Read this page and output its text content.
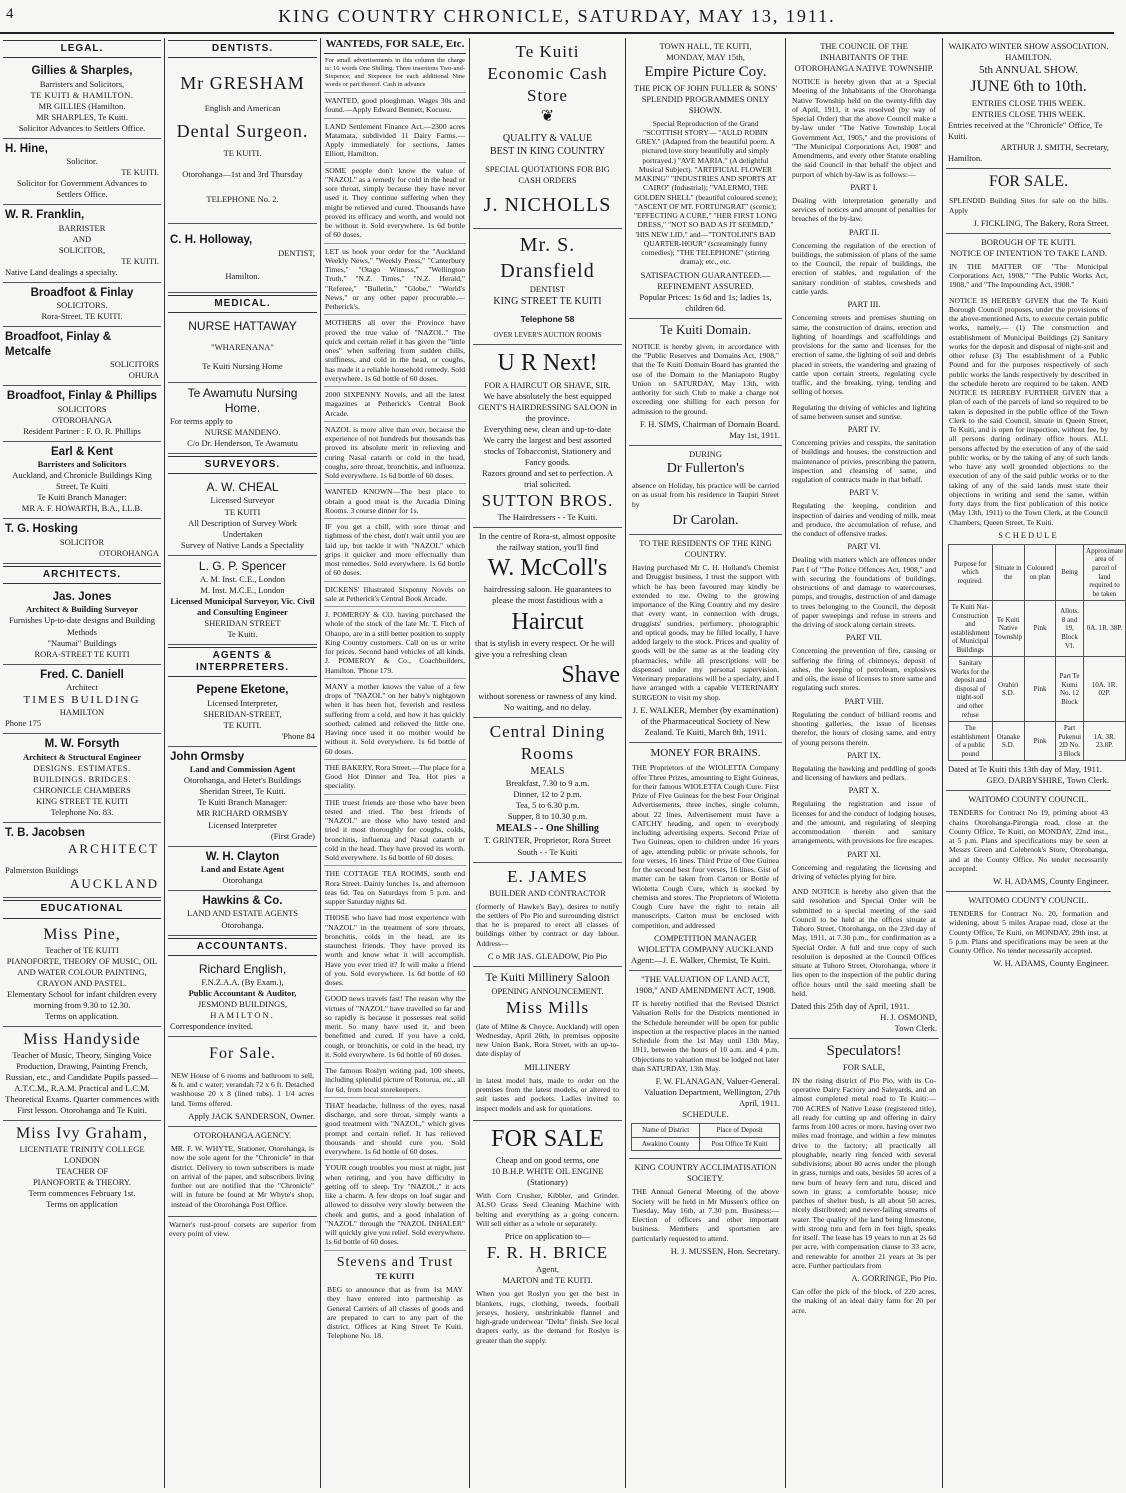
4	KING COUNTRY CHRONICLE, SATURDAY, MAY 13, 1911.
LEGAL.
Gillies & Sharples,
Barristers and Solicitors,
TE KUITI & HAMILTON.
MR GILLIES (Hamilton.
MR SHARPLES, Te Kuiti.
Solicitor Advances to Settlers Office.
H. Hine,
Solicitor.
TE KUITI.
Solicitor for Government Advances to Settlers Office.
W. R. Franklin,
BARRISTER
AND
SOLICITOR,
TE KUITI.
Native Land dealings a specialty.
Broadfoot & Finlay
SOLICITORS.
Rora-Street. TE KUITI.
Broadfoot, Finlay & Metcalfe
SOLICITORS
OHURA
Broadfoot, Finlay & Phillips
SOLICITORS
OTOROHANGA
Resident Partner : F. O. R. Phillips
Earl & Kent
Barristers and Solicitors
Auckland, and Chronicle Buildings King Street, Te Kuiti
Te Kuiti Branch Manager:
MR A. F. HOWARTH, B.A., LL.B.
T. G. Hosking
SOLICITOR
OTOROHANGA
ARCHITECTS.
Jas. Jones
Architect & Building Surveyor
Furnishes Up-to-date designs and Building Methods
"Naumai" Buildings
RORA-STREET TE KUITI
Fred. C. Daniell
Architect
TIMES BUILDING
HAMILTON
Phone 175
M. W. Forsyth
Architect & Structural Engineer
DESIGNS. ESTIMATES.
BUILDINGS. BRIDGES.
CHRONICLE CHAMBERS
KING STREET TE KUITI
Telephone No. 83.
T. B. Jacobsen
ARCHITECT
Palmerston Buildings
AUCKLAND
EDUCATIONAL
Miss Pine,
Teacher of TE KUITI
PIANOFORTE, THEORY OF MUSIC, OIL AND WATER COLOUR PAINTING, CRAYON AND PASTEL.
Elementary School for infant children every morning from 9.30 to 12.30.
Terms on application.
Miss Handyside
Teacher of Music, Theory, Singing Voice Production, Drawing, Painting French, Russian, etc., and Candidate Pupils passed—A.T.C.M., R.A.M. Practical and L.C.M. Theoretical Exams. Quarter commences with First lesson. Otorohanga and Te Kuiti.
Miss Ivy Graham,
LICENTIATE TRINITY COLLEGE LONDON
TEACHER OF
PIANOFORTE & THEORY.
Term commences February 1st.
Terms on application
DENTISTS.
Mr GRESHAM
English and American
Dental Surgeon.
TE KUITI.
Otorohanga—1st and 3rd Thursday
TELEPHONE No. 2.
C. H. Holloway,
DENTIST,
Hamilton.
MEDICAL.
NURSE HATTAWAY
"WHARENANA"
Te Kuiti Nursing Home
Te Awamutu Nursing Home.
For terms apply to
NURSE MANDENO.
C/o Dr. Henderson, Te Awamutu
SURVEYORS.
A. W. CHEAL
Licensed Surveyor
TE KUITI
All Description of Survey Work Undertaken
Survey of Native Lands a Speciality
L. G. P. Spencer
A. M. Inst. C.E., London
M. Inst. M.C.E., London
Licensed Municipal Surveyor, Vic. Civil and Consulting Engineer
SHERIDAN STREET
Te Kuiti.
AGENTS & INTERPRETERS.
Pepene Eketone,
Licensed Interpreter,
SHERIDAN-STREET,
TE KUITI.
'Phone 84
John Ormsby
Land and Commission Agent
Otorohanga, and Hetet's Buildings Sheridan Street, Te Kuiti.
Te Kuiti Branch Manager:
MR RICHARD ORMSBY
Licensed Interpreter
(First Grade)
W. H. Clayton
Land and Estate Agent
Otorohanga
Hawkins & Co.
LAND AND ESTATE AGENTS
Otorohanga.
ACCOUNTANTS.
Richard English,
F.N.Z.A.A. (By Exam.),
Public Accountant & Auditor,
JESMOND BUILDINGS,
HAMILTON.
Correspondence invited.
For Sale.
NEW House of 6 rooms and bathroom to sell, & h. and c water; verandah 72 x 6 ft. Detached washhouse 20 x 8 (lined tubs). 1 1/4 acres land. Terms offered.
Apply JACK SANDERSON, Owner.
OTOROHANGA AGENCY.
MR. F. W. WHYTE, Stationer, Otorohanga, is now the sole agent for the "Chronicle" in that district. Delivery to town subscribers is made on arrival of the paper, and subscribers living further out are notified that the "Chronicle" will in future be found at Mr Whyte's shop, instead of the Otorohanga Post Office.
Warner's rust-proof corsets are superior from every point of view.
WANTEDS, FOR SALE, Etc.
For small advertisements in this column the charge is: 16 words One Shilling. Three insertions Two-and-Sixpence; and Sixpence for each additional Nine words or part thereof. Cash in advance
WANTED, good ploughman. Wages 30s and found.—Apply Edward Bennett, Kocueu.
LAND Settlement Finance Act.—2300 acres Matamata, subdivided 11 Dairy Farms.—Apply immediately for sections, James Elliott, Hamilton.
SOME people don't know the value of "NAZOL" as a remedy for cold in the head or sore throat, simply because they have never used it. They continue suffering when they might be relieved and cured. Thousands have proved its efficacy and worth, and would not be without it. Sold everywhere. 1s 6d bottle of 60 doses.
LET us book your order for the "Auckland Weekly News," "Weekly Press," "Canterbury Times," "Otago Witness," "Wellington Truth," "N.Z. Times," "N.Z. Herald," "Referee," "Bulletin," "Globe," "World's News," or any other paper procurable.—Petherick's.
MOTHERS all over the Province have proved the true value of "NAZOL." The quick and certain relief it has given the "little ones" when suffering from sudden chills, stuffiness, and cold in the head, or coughs, has made it a reliable household remedy. Sold everywhere. 1s 6d bottle of 60 doses.
2000 SIXPENNY Novels, and all the latest magazines at Petherick's Central Book Arcade.
NAZOL is more alive than ever, because the experience of not hundreds but thousands has proved its absolute merit in relieving and curing Nasal catarrh or cold in the head, coughs, sore throat, bronchitis, and influenza. Sold everywhere. 1s 6d bottle of 60 doses.
WANTED KNOWN—The best place to obtain a good meal is the Arcadia Dining Rooms. 3 course dinner for 1s.
IF you get a chill, with sore throat and tightness of the chest, don't wait until you are laid up, but tackle it with "NAZOL" which grips it quicker and more effectually than most remedies. Sold everywhere. 1s 6d bottle of 60 doses.
DICKENS' Illustrated Sixpenny Novels on sale at Petherick's Central Book Arcade.
J. POMEROY & CO. having purchased the whole of the stock of the late Mr. T. Fitch of Ohaupo, are in a still better position to supply King Country customers. Call on us or write for prices. Second hand vehicles of all kinds. J. POMEROY & Co., Coachbuilders, Hamilton. 'Phone 179.
MANY a mother knows the value of a few drops of "NAZOL" on her baby's nightgown when it has been hot, feverish and restless suffering from a cold, and how it has quickly soothed, calmed and relieved the little one. Having once used it no mother would be without it. Sold everywhere. 1s 6d bottle of 60 doses.
THE BAKERY, Rora Street.—The place for a Good Hot Dinner and Tea. Hot pies a speciality.
THE truest friends are those who have been tested and tried. The best friends of "NAZOL" are those who have tested and tried it most thoroughly for coughs, colds, bronchitis, influenza and Nasal catarrh or cold in the head. They have proved its worth. Sold everywhere. 1s 6d bottle of 60 doses.
THE COTTAGE TEA ROOMS, south end Rora Street. Dainty lunches 1s, and afternoon teas 6d. Tea on Saturdays from 5 p.m. and supper Saturday nights 6d.
THOSE who have had most experience with "NAZOL" in the treatment of sore throats, bronchitis, colds in the head, are its staunchest friends. They have proved its worth and know what it will accomplish. Have you ever tried it? It will make a friend of you. Sold everywhere. 1s 6d bottle of 60 doses.
GOOD news travels fast! The reason why the virtues of "NAZOL" have travelled so far and so rapidly is because it possesses real solid merit. So many have used it, and been benefitted and cured. If you have a cold, cough, or bronchitis, or cold in the head, try it. Sold everywhere. 1s 6d bottle of 60 doses.
The famous Roslyn writing pad, 100 sheets, including splendid picture of Rotorua, etc., all for 6d, from local storekeepers.
THAT headache, fullness of the eyes, nasal discharge, and sore throat, simply wants a good treatment with "NAZOL," which gives prompt and certain relief. It has relieved thousands and should cure you. Sold everywhere. 1s 6d bottle of 60 doses.
YOUR cough troubles you most at night, just when retiring, and you have difficulty in getting off to sleep. Try "NAZOL," it acts like a charm. A few drops on loaf sugar and allowed to dissolve very slowly between the cheek and gums, and a good inhalation of "NAZOL" through the "NAZOL INHALER" will quickly give you relief. Sold everywhere. 1s 6d bottle of 60 doses.
Stevens and Trust
TE KUITI
BEG to announce that as from 1st MAY they have entered into partnership as General Carriers of all classes of goods and are prepared to cart to any part of the district. Offices at King Street Te Kuiti. Telephone No. 18.
Te Kuiti
Economic Cash Store
❦
QUALITY & VALUE
BEST IN KING COUNTRY
SPECIAL QUOTATIONS FOR BIG CASH ORDERS
J. NICHOLLS
Mr. S. Dransfield
DENTIST
KING STREET TE KUITI
Telephone 58
OVER LEVER'S AUCTION ROOMS
U R Next!
FOR A HAIRCUT OR SHAVE, SIR.
We have absolutely the best equipped GENT'S HAIRDRESSING SALOON in the province.
Everything new, clean and up-to-date
We carry the largest and best assorted stocks of Tobacconist, Stationery and Fancy goods.
Razors ground and set to perfection. A trial solicited.
SUTTON BROS.
The Hairdressers - - Te Kuiti.
In the centre of Rora-st, almost opposite the railway station, you'll find
W. McColl's
hairdressing saloon. He guarantees to please the most fastidious with a
Haircut
that is stylish in every respect. Or he will give you a refreshing clean
Shave
without soreness or rawness of any kind. No waiting, and no delay.
Central Dining Rooms
MEALS
Breakfast, 7.30 to 9 a.m.
Dinner, 12 to 2 p.m.
Tea, 5 to 6.30 p.m.
Supper, 8 to 10.30 p.m.
MEALS - - One Shilling
T. GRINTER, Proprietor, Rora Street South - - Te Kuiti
E. JAMES
BUILDER AND CONTRACTOR
(formerly of Hawke's Bay), desires to notify the settlers of Pio Pio and surrounding district that he is prepared to erect all classes of buildings either by contract or day labour. Address—
C o MR JAS. GLEADOW, Pio Pio
Te Kuiti Millinery Saloon
OPENING ANNOUNCEMENT.
Miss Mills
(late of Milne & Choyce, Auckland) will open Wednesday, April 26th, in premises opposite new Union Bank, Rora Street, with an up-to-date display of
MILLINERY
in latest model hats, made to order on the premises from the latest models, or altered to suit tastes and pockets. Ladies invited to inspect models and ask for quotations.
FOR SALE
Cheap and on good terms, one
10 B.H.P. WHITE OIL ENGINE
(Stationary)
With Corn Crusher, Kibbler, and Grinder. ALSO Grass Seed Cleaning Machine with belting and everything as a going concern. Will sell either as a whole or separately.
Price on application to—
F. R. H. BRICE
Agent,
MARTON and TE KUITI.
When you get Roslyn you get the best in blankets, rugs, clothing, tweeds, football jerseys, hosiery, unshrinkable flannel and high-grade underwear "Delta" finish. See local drapers early, as the demand for Roslyn is greater than the supply.
TOWN HALL, TE KUITI,
MONDAY, MAY 15th,
Empire Picture Coy.
THE PICK OF JOHN FULLER & SONS' SPLENDID PROGRAMMES ONLY SHOWN.
Special Reproduction of the Grand "SCOTTISH STORY— "AULD ROBIN GREY." (Adapted from the beautiful poem. A pictured love story beautifully and simply portrayed.) "AVE MARIA." (A delightful Musical Subject). "ARTIFICIAL FLOWER MAKING" "INDUSTRIES AND SPORTS AT CAIRO" (Industrial); "VALERMO, THE GOLDEN SHELL" (beautiful coloured scene); "ASCENT OF MT. FORTUNGRAT" (scenic); "EFFECTING A CURE," "HER FIRST LONG DRESS," "NOT SO BAD AS IT SEEMED," 'HIS NEW LID," and—"TONTOLINI'S BAD QUARTER-HOUR" (screamingly funny comedies); "THE TELEPHONE" (stirring drama); etc., etc.
SATISFACTION GUARANTEED.—REFINEMENT ASSURED.
Popular Prices: 1s 6d and 1s; ladies 1s, children 6d.
Te Kuiti Domain.
NOTICE is hereby given, in accordance with the "Public Reserves and Domains Act, 1908," that the Te Kuiti Domain Board has granted the use of the Domain to the Maniapoto Rugby Union on SATURDAY, May 13th, with authority for such Club to make a charge not exceeding one shilling for each person for admission to the ground.
F. H. SIMS, Chairman of Domain Board. May 1st, 1911.
DURING
Dr Fullerton's
absence on Holiday, his practice will be carried on as usual from his residence in Taupiri Street by
Dr Carolan.
TO THE RESIDENTS OF THE KING COUNTRY.
Having purchased Mr C. H. Holland's Chemist and Druggist business, I trust the support with which he has been favoured may kindly be extended to me. Owing to the growing importance of the King Country and my desire that every want, in connection with drugs, druggists' sundries, perfumery, photographic and optical goods, may be filled locally, I have added largely to the stock. Prices and quality of goods will be the same as at the leading city pharmacies, while all prescriptions will be dispensed under my personal supervision. Veterinary preparations will be a specialty, and I have arranged with a capable VETERINARY SURGEON to visit my shop.
J. E. WALKER, Member (by examination) of the Pharmaceutical Society of New Zealand. Te Kuiti, March 8th, 1911.
MONEY FOR BRAINS.
THE Proprietors of the WIOLETTA Company offer Three Prizes, amounting to Eight Guineas, for their famous WIOLETTA Cough Cure. First Prize of Five Guineas for the best Four Original Advertisements, three inches, single column, about 22 lines. Advertisement must have a CATCHY heading, and open to everybody including advertising experts. Second Prize of Two Guineas, open to children under 16 years of age, attending public or private schools, for four verses, 16 lines. Third Prize of One Guinea for the second best four verses, 16 lines. Gist of matter can be taken from Carton or Bottle of Wioletta Cough Cure, which is stocked by chemists and stores. The Proprietors of Wioletta Cough Cure have the right to retain all manuscripts. Carton must be enclosed with competition, and addressed
COMPETITION MANAGER
WIOLETTA COMPANY AUCKLAND
Agent:—J. E. Walker, Chemist, Te Kuiti.
"THE VALUATION OF LAND ACT, 1908," AND AMENDMENT ACT, 1908.
IT is hereby notified that the Revised District Valuation Rolls for the Districts mentioned in the Schedule hereunder will be open for public inspection at the respective places in the named Schedule from the 1st May until 13th May, 1911, between the hours of 10 a.m. and 4 p.m. Objections to valuation must be lodged not later than SATURDAY, 13th May.
F. W. FLANAGAN, Valuer-General. Valuation Department, Wellington, 27th April, 1911.
SCHEDULE.
Name of District	Place of Deposit
Awakino County	Post Office Te Kuiti
KING COUNTRY ACCLIMATISATION SOCIETY.
THE Annual General Meeting of the above Society will be held in Mr Mussen's office on Tuesday, May 16th, at 7.30 p.m. Business:—Election of officers and other important business. Members and sportsmen are particularly requested to attend.
H. J. MUSSEN, Hon. Secretary.
THE COUNCIL OF THE INHABITANTS OF THE OTOROHANGA NATIVE TOWNSHIP.
NOTICE is hereby given that at a Special Meeting of the Inhabitants of the Otorohanga Native Township held on the twenty-fifth day of April, 1911, it was resolved (by way of Special Order) that the above Council make a by-law under "The Native Township Local Government Act, 1905," and the provisions of "The Municipal Corporations Act, 1908" and Amendments, and every other Statute enabling the said Council in that behalf the object and purport of which by-law is as follows:—
PART I.
Dealing with interpretation generally and services of notices and amount of penalties for breaches of the by-law.
PART II.
Concerning the regulation of the erection of buildings, the submission of plans of the same to the Council, the repair of buildings, the erection of stables, and regulation of the sanitary condition of stables, cowsheds and cattle yards.
PART III.
Concerning streets and premises shutting on same, the construction of drains, erection and lighting of hoardings and scaffoldings and provisions for the same and licenses for the erection of same, the lighting of soil and debris placed in streets, the wandering and grazing of cattle upon certain streets, regulating cycle traffic, and the breaking, tying, tending and selling of horses.
Regulating the driving of vehicles and lighting of same between sunset and sunrise.
PART IV.
Concerning privies and cesspits, the sanitation of buildings and houses, the construction and maintenance of privies, prescribing the pattern, inspection and cleansing of same, and regulation of contracts made in that behalf.
PART V.
Regulating the keeping, condition and inspection of dairies and vending of milk, meat and produce, the accumulation of refuse, and the conduct of offensive trades.
PART VI.
Dealing with matters which are offences under Part I of "The Police Offences Act, 1908," and with securing the foundations of buildings, obstructions of and damage to watercourses, pumps, and troughs, destruction of and damage to trees belonging to the Council, the deposit of paper sweepings and refuse in streets and the driving of stock along certain streets.
PART VII.
Concerning the prevention of fire, causing or suffering the firing of chimneys, deposit of ashes, the keeping of petroleum, explosives and oils, the issue of licenses to store same and regulating such stores.
PART VIII.
Regulating the conduct of billiard rooms and shooting galleries, the issue of licenses therefor, the hours of closing same, and entry of young persons therein.
PART IX.
Regulating the hawking and peddling of goods and licensing of hawkers and pedlars.
PART X.
Regulating the registration and issue of licenses for and the conduct of lodging houses, and the amount, and regulating of sleeping accommodation therein and sanitary arrangements, with provisions for fire escapes.
PART XI.
Concerning and regulating the licensing and driving of vehicles plying for hire.
AND NOTICE is hereby also given that the said resolution and Special Order will be submitted to a special meeting of the said Council to be held at the offices situate at Tuhoro Street, Otorohanga, on the 23rd day of May, 1911, at 7.30 p.m., for confirmation as a Special Order. A full and true copy of such resolution is deposited at the Council Offices situate at Tuhoro Street, Otorohanga, where it lies open to the inspection of the public during office hours until the said meeting shall be held.
Dated this 25th day of April, 1911.
H. J. OSMOND,
Town Clerk.
Speculators!
FOR SALE,
IN the rising district of Pio Pio, with its Co-operative Dairy Factory and Saleyards, and an almost completed metal road to Te Kuiti:— 700 ACRES of Native Lease (registered title), all ready for cutting up and offering in dairy farms from 100 acres or more, having over two miles road frontage, and within a few minutes drive to the factory; all practically all ploughable, nearly ring fenced with several subdivisions; about 80 acres under the plough in grass, turnips and oats, besides 50 acres of a new burn of heavy fern and tutu, disced and sown in grass; a comfortable house; nice patches of shelter bush, is all about 50 acres, nicely distributed; and never-failing streams of water. The quality of the land being limestone, with strong tutu and fern in feet high, speaks for itself. The lease has 19 years to run at 2s 6d per acre, with compensation clause to 33 acre, and renewable for another 21 years at 3s per acre. Further particulars from
A. GORRINGE, Pio Pio.
Can offer the pick of the block, of 220 acres, the making of an ideal dairy farm for 20 per acre.
WAIKATO WINTER SHOW ASSOCIATION.
HAMILTON.
5th ANNUAL SHOW.
JUNE 6th to 10th.
ENTRIES CLOSE THIS WEEK.
ENTRIES CLOSE THIS WEEK.
Entries received at the "Chronicle" Office, Te Kuiti.
ARTHUR J. SMITH, Secretary,
Hamilton.
FOR SALE.
SPLENDID Building Sites for sale on the hills. Apply
J. FICKLING, The Bakery, Rora Street.
BOROUGH OF TE KUITI.
NOTICE OF INTENTION TO TAKE LAND.
IN THE MATTER OF "The Municipal Corporations Act, 1908," "The Public Works Act, 1908," and "The Impounding Act, 1908."
NOTICE IS HEREBY GIVEN that the Te Kuiti Borough Council proposes, under the provisions of the above-mentioned Acts, to execute certain public works, namely,— (1) The construction and establishment of Municipal Buildings (2) Sanitary works for the deposit and disposal of night-soil and other refuse (3) The establishment of a Public Pound and for the purposes respectively of such public works the lands respectively by described in the schedule hereto are required to be taken. AND NOTICE IS HEREBY FURTHER GIVEN that a plan of each of the parcels of land so required to be taken is deposited in the public office of the Town Clerk to the said Council, situate in Queen Street, Te Kuiti, and is open for inspection, without fee, by all persons during ordinary office hours. ALL persons affected by the execution of any of the said public works, or by the taking of any of such lands who have any well grounded objections to the execution of any of the said public works or to the taking of any of the said lands must state their objections in writing and send the same, within forty days from the first publication of this notice (May 13th, 1911) to the Town Clerk, at the Council Chambers, Queen Street, Te Kuiti.
SCHEDULE
Purpose for which required.	Situate in the	Coloured on plan	Being	Approximate area of parcel of land required to be taken
Te Kuiti Nat-Construction and establishment of Municipal Buildings	Te Kuiti Native Township	Pink	Allots. 8 and 19, Block VI.	0A. 1R. 38P.
Sanitary Works for the deposit and disposal of night-soil and other refuse	Orahiri S.D.	Pink	Part Te Kumi No. 12 Block	10A. 1R. 02P.
The establishment of a public pound	Otanake S.D.	Pink	Part Pukenui 2D No. 3 Block	1A. 3R. 23.8P.
Dated at Te Kuiti this 13th day of May, 1911.
GEO. DARBYSHIRE, Town Clerk.
WAITOMO COUNTY COUNCIL.
TENDERS for Contract No 19, priming about 43 chains Otorohanga-Pirongia road, close at the County Office, Te Kuiti, on MONDAY, 22nd inst., at 5 p.m. Plans and specifications may be seen at Messrs Green and Colebrook's Store, Otorohanga, and at the County Office. No tender necessarily accepted.
W. H. ADAMS, County Engineer.
WAITOMO COUNTY COUNCIL.
TENDERS for Contract No. 20, formation and widening, about 5 miles Arapae road, close at the County Office, Te Kuiti, on MONDAY, 29th inst, at 5 p.m. Plans and specifications may be seen at the County Office. No tender necessarily accepted.
W. H. ADAMS, County Engineer.
